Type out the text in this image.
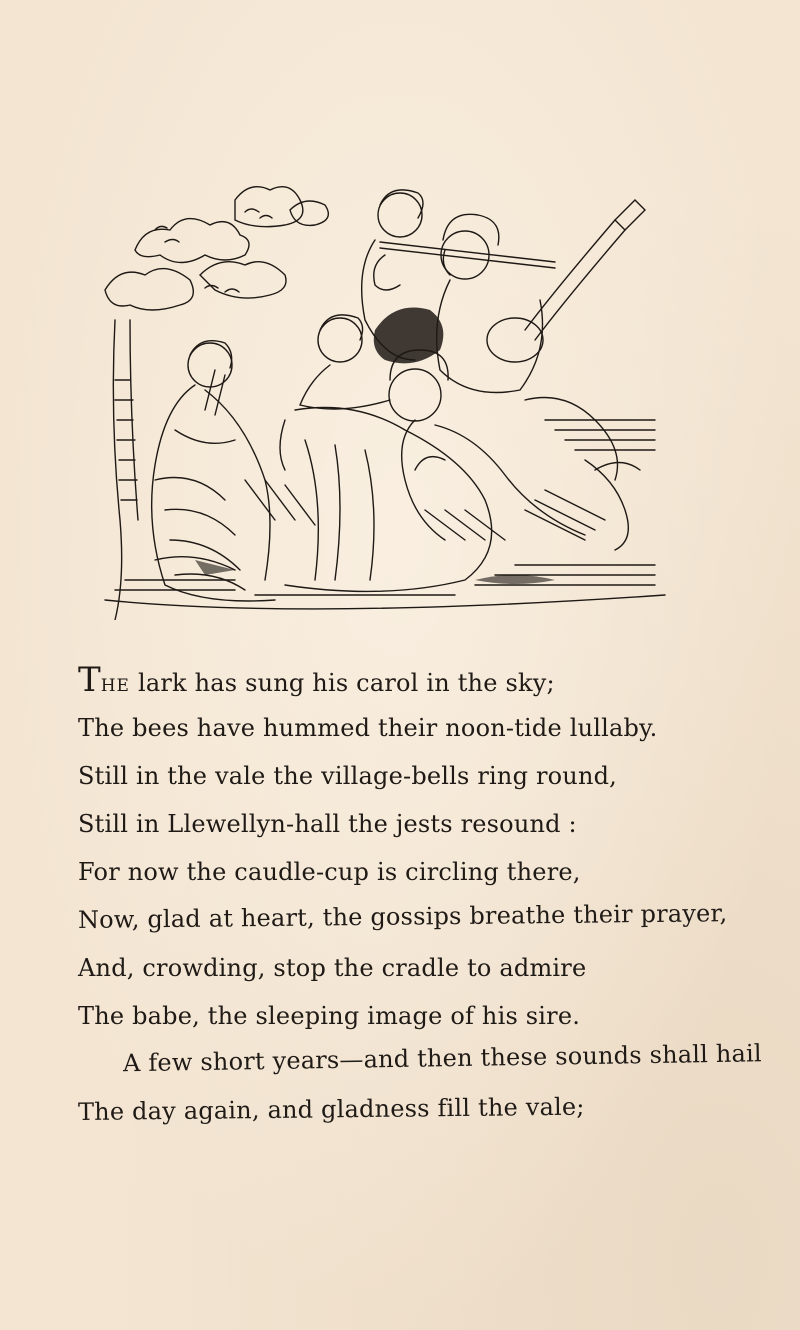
THE lark has sung his carol in the sky;
The bees have hummed their noon-tide lullaby.
Still in the vale the village-bells ring round,
Still in Llewellyn-hall the jests resound :
For now the caudle-cup is circling there,
Now, glad at heart, the gossips breathe their prayer,
And, crowding, stop the cradle to admire
The babe, the sleeping image of his sire.
A few short years—and then these sounds shall hail
The day again, and gladness fill the vale;
